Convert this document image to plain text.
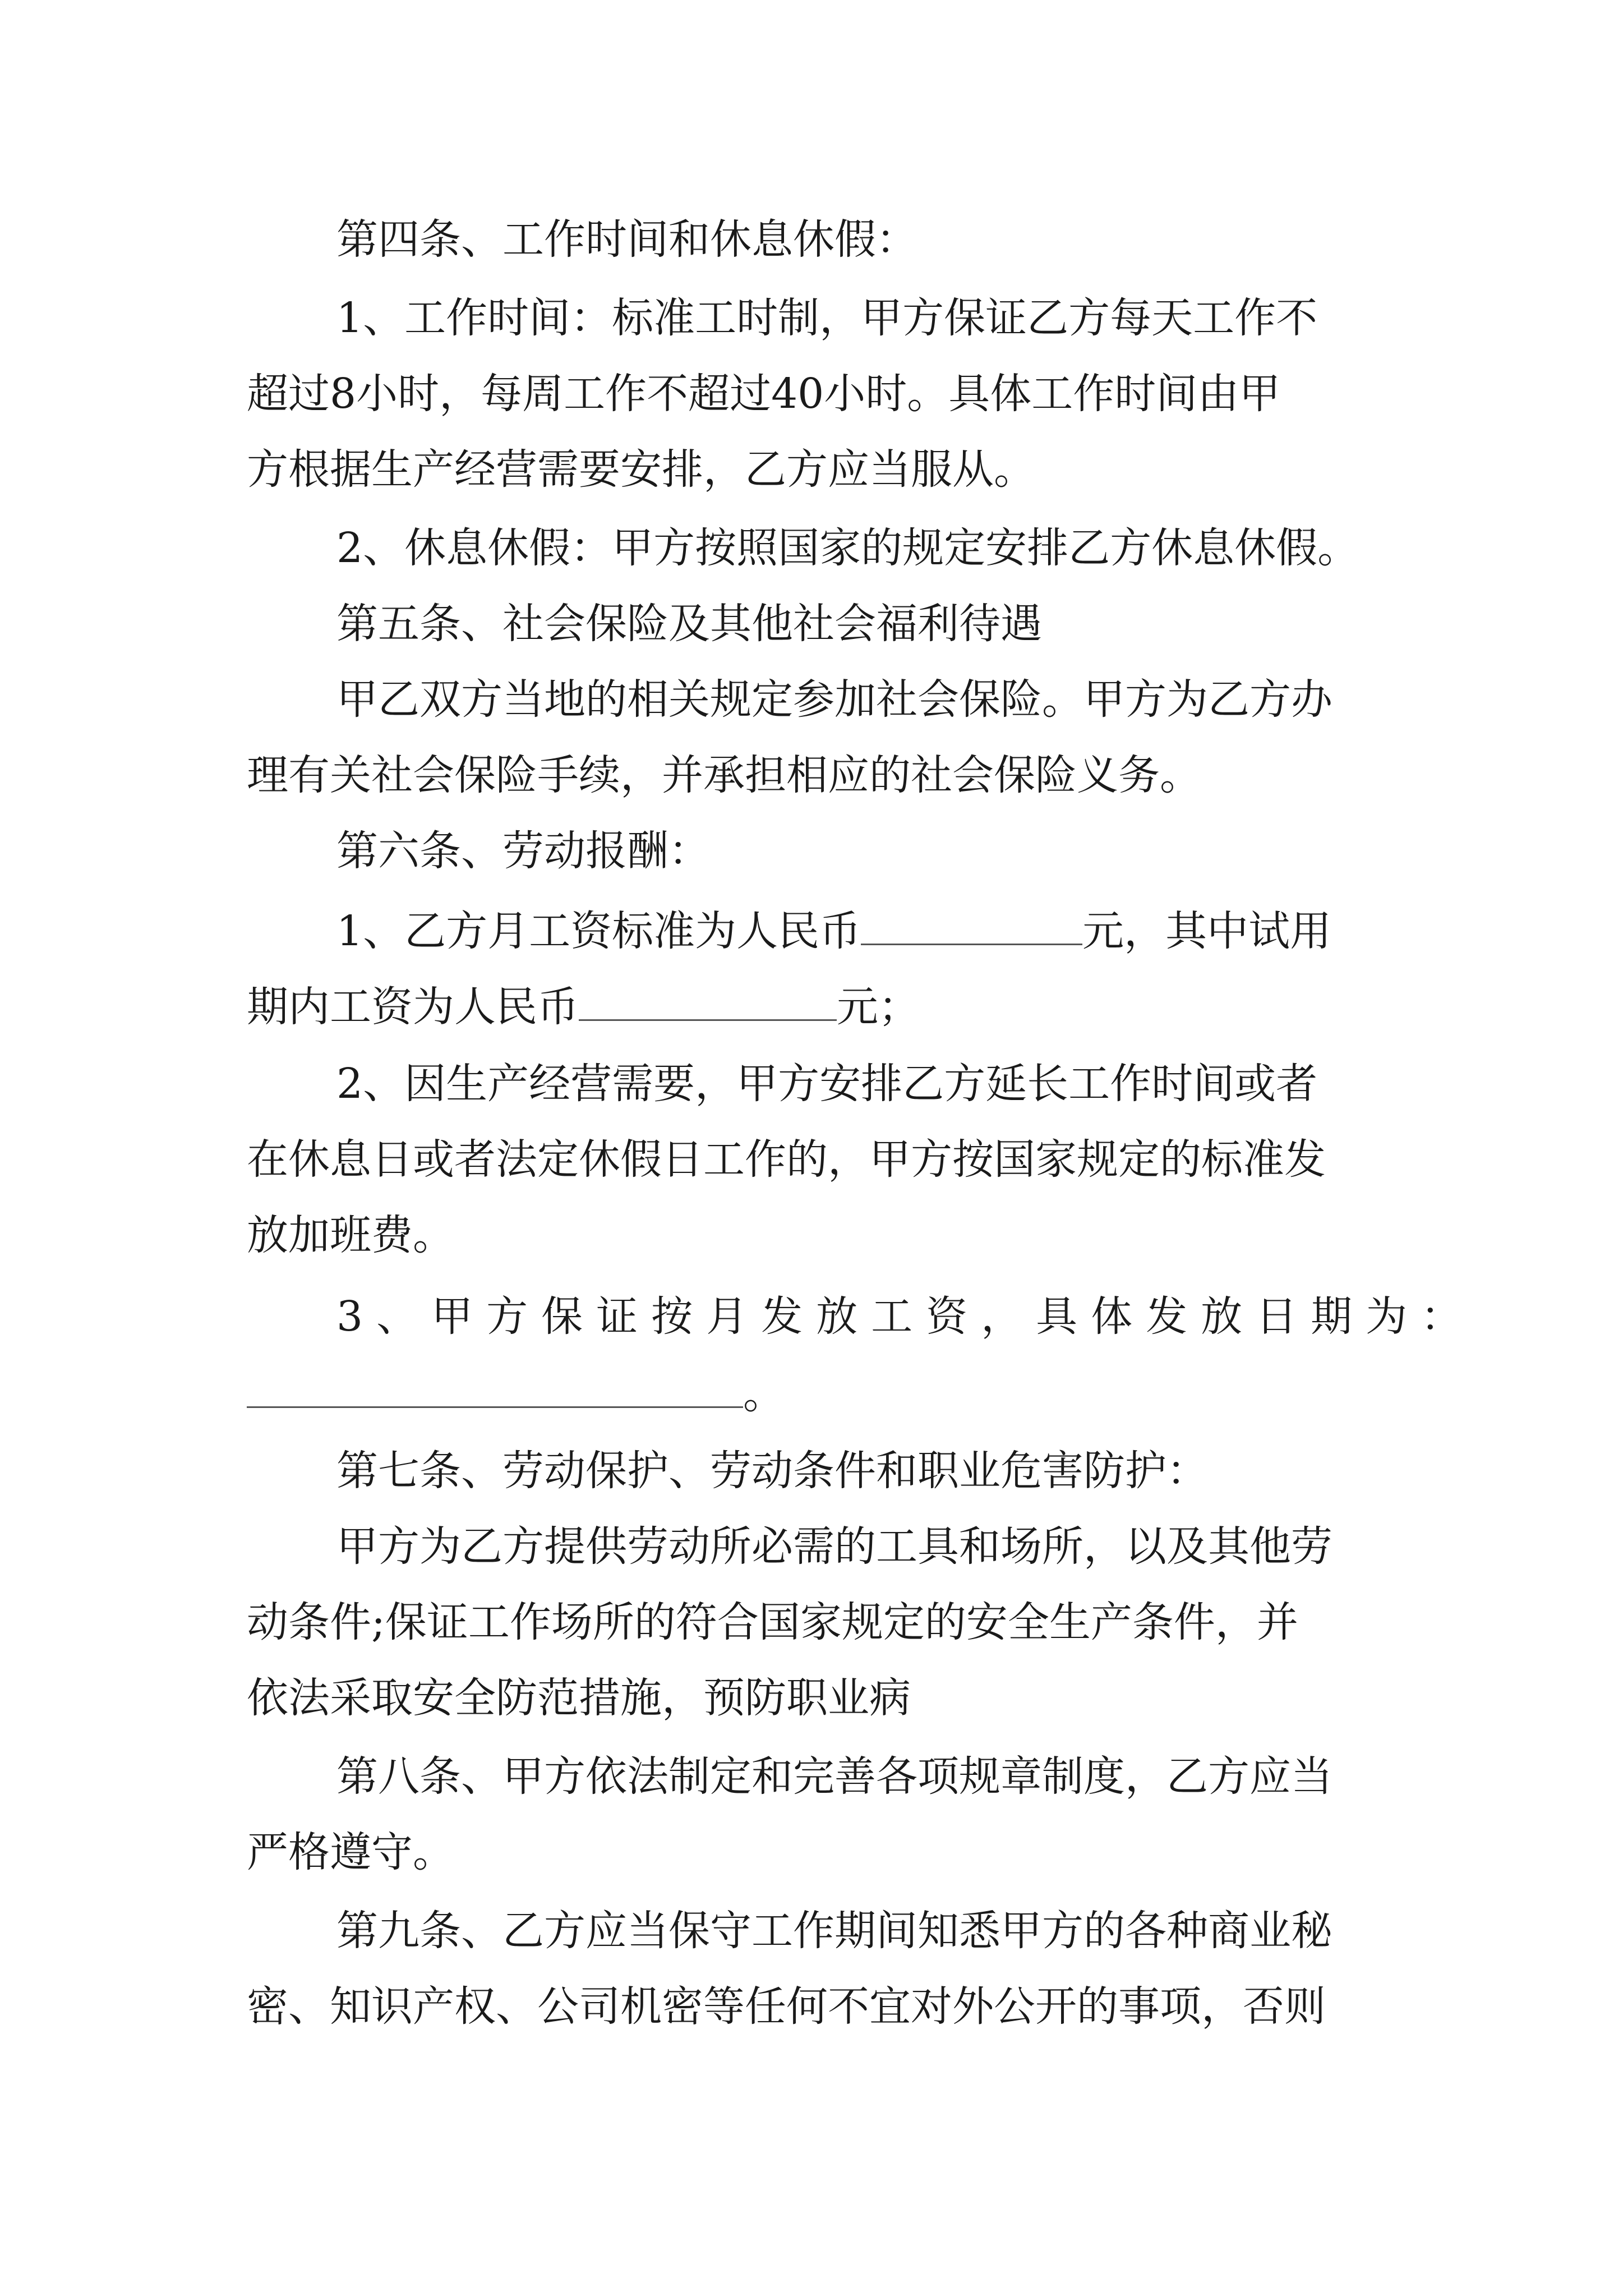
第四条、工作时间和休息休假：

1、工作时间：标准工时制，甲方保证乙方每天工作不

超过8小时，每周工作不超过40小时。具体工作时间由甲

方根据生产经营需要安排，乙方应当服从。

2、休息休假：甲方按照国家的规定安排乙方休息休假。

第五条、社会保险及其他社会福利待遇

甲乙双方当地的相关规定参加社会保险。甲方为乙方办

理有关社会保险手续，并承担相应的社会保险义务。

第六条、劳动报酬：

1、乙方月工资标准为人民币	元，其中试用

期内工资为人民币	元；

2、因生产经营需要，甲方安排乙方延长工作时间或者

在休息日或者法定休假日工作的，甲方按国家规定的标准发

放加班费。

3、甲方保证按月发放工资，具体发放日期为：

。

第七条、劳动保护、劳动条件和职业危害防护：

甲方为乙方提供劳动所必需的工具和场所，以及其他劳

动条件;保证工作场所的符合国家规定的安全生产条件，并

依法采取安全防范措施，预防职业病

第八条、甲方依法制定和完善各项规章制度，乙方应当

严格遵守。

第九条、乙方应当保守工作期间知悉甲方的各种商业秘

密、知识产权、公司机密等任何不宜对外公开的事项，否则
